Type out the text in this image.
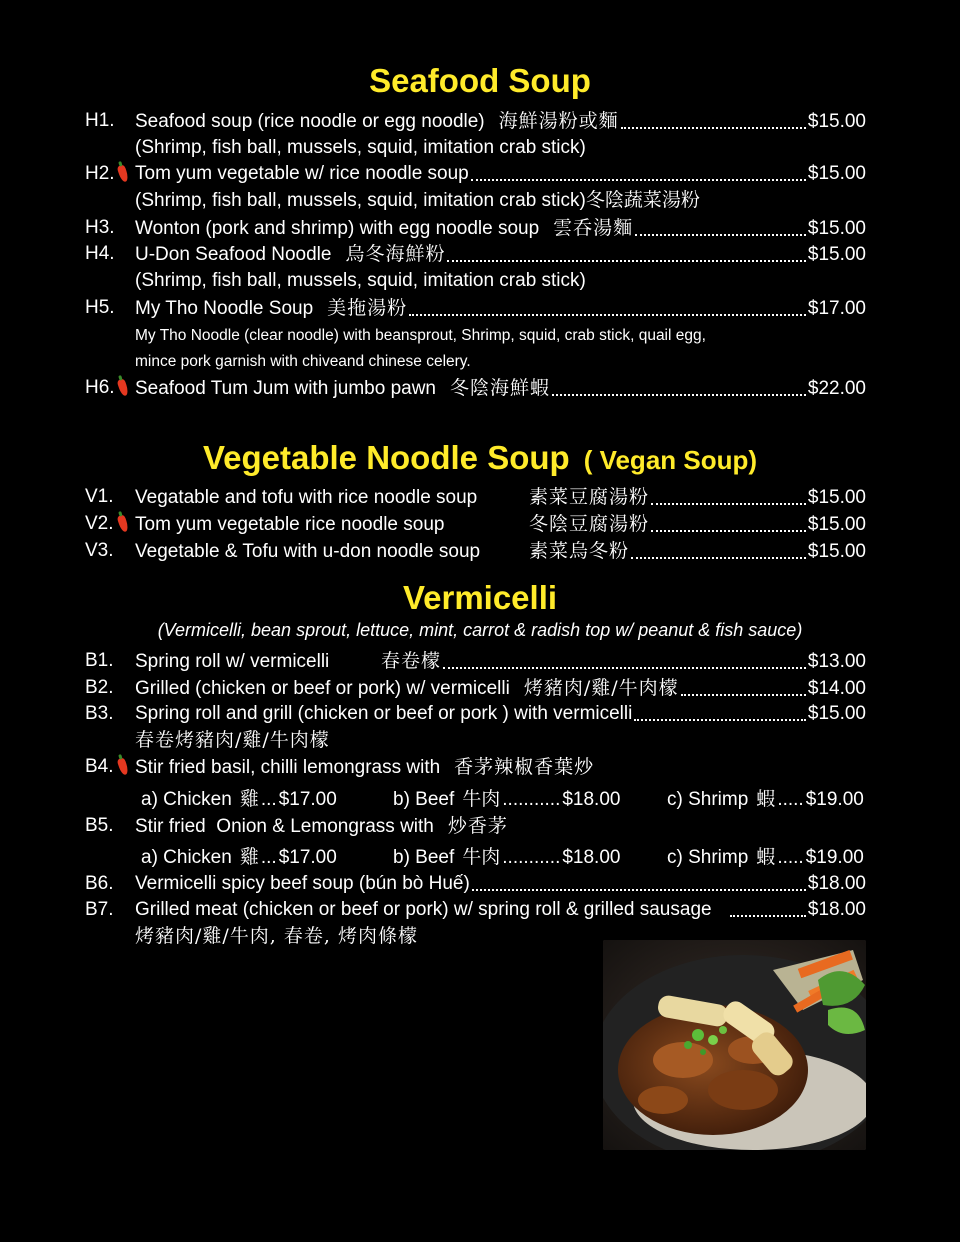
Seafood Soup
H1. Seafood soup (rice noodle or egg noodle) 海鮮湯粉或麵	$15.00
(Shrimp, fish ball, mussels, squid, imitation crab stick)
H2. Tom yum vegetable w/ rice noodle soup	$15.00
(Shrimp, fish ball, mussels, squid, imitation crab stick)冬陰蔬菜湯粉
H3. Wonton (pork and shrimp) with egg noodle soup 雲呑湯麵	$15.00
H4. U-Don Seafood Noodle 烏冬海鮮粉	$15.00
(Shrimp, fish ball, mussels, squid, imitation crab stick)
H5. My Tho Noodle Soup 美拖湯粉	$17.00
My Tho Noodle (clear noodle) with beansprout, Shrimp, squid, crab stick, quail egg,
mince pork garnish with chiveand chinese celery.
H6. Seafood Tum Jum with jumbo pawn 冬陰海鮮蝦	$22.00
Vegetable Noodle Soup ( Vegan Soup)
V1. Vegatable and tofu with rice noodle soup	素菜豆腐湯粉	$15.00
V2. Tom yum vegetable rice noodle soup	冬陰豆腐湯粉	$15.00
V3. Vegetable & Tofu with u-don noodle soup	素菜烏冬粉	$15.00
Vermicelli
(Vermicelli, bean sprout, lettuce, mint, carrot & radish top w/ peanut & fish sauce)
B1. Spring roll w/ vermicelli	春卷檬	$13.00
B2. Grilled (chicken or beef or pork) w/ vermicelli 烤豬肉/雞/牛肉檬	$14.00
B3. Spring roll and grill (chicken or beef or pork ) with vermicelli	$15.00
春卷烤豬肉/雞/牛肉檬
B4. Stir fried basil, chilli lemongrass with 香茅辣椒香葉炒
a) Chicken 雞 ... $17.00	b) Beef 牛肉 ........... $18.00 c) Shrimp 蝦 ..... $19.00
B5. Stir fried  Onion & Lemongrass with 炒香茅
a) Chicken 雞 ... $17.00	b) Beef 牛肉 ........... $18.00 c) Shrimp 蝦 ..... $19.00
B6. Vermicelli spicy beef soup (bún bò Huế)	$18.00
B7. Grilled meat (chicken or beef or pork) w/ spring roll & grilled sausage	$18.00
烤豬肉/雞/牛肉, 春卷, 烤肉條檬
